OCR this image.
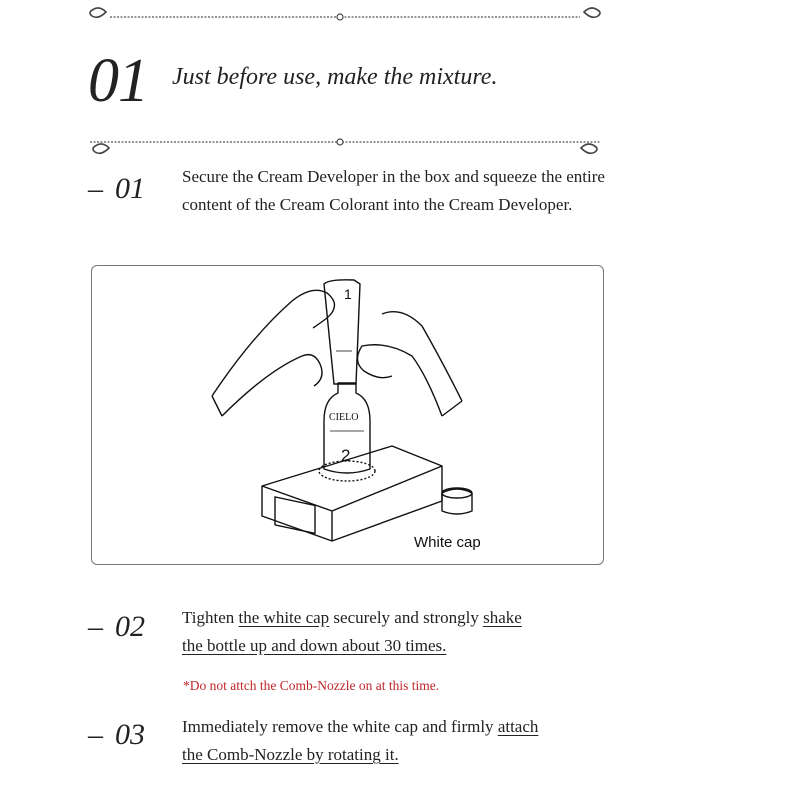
01 Just before use, make the mixture.
– 01 Secure the Cream Developer in the box and squeeze the entire content of the Cream Colorant into the Cream Developer.
1
CIELO
2
White cap
– 02 Tighten the white cap securely and strongly shake
the bottle up and down about 30 times.
*Do not attch the Comb-Nozzle on at this time.
– 03 Immediately remove the white cap and firmly attach
the Comb-Nozzle by rotating it.
